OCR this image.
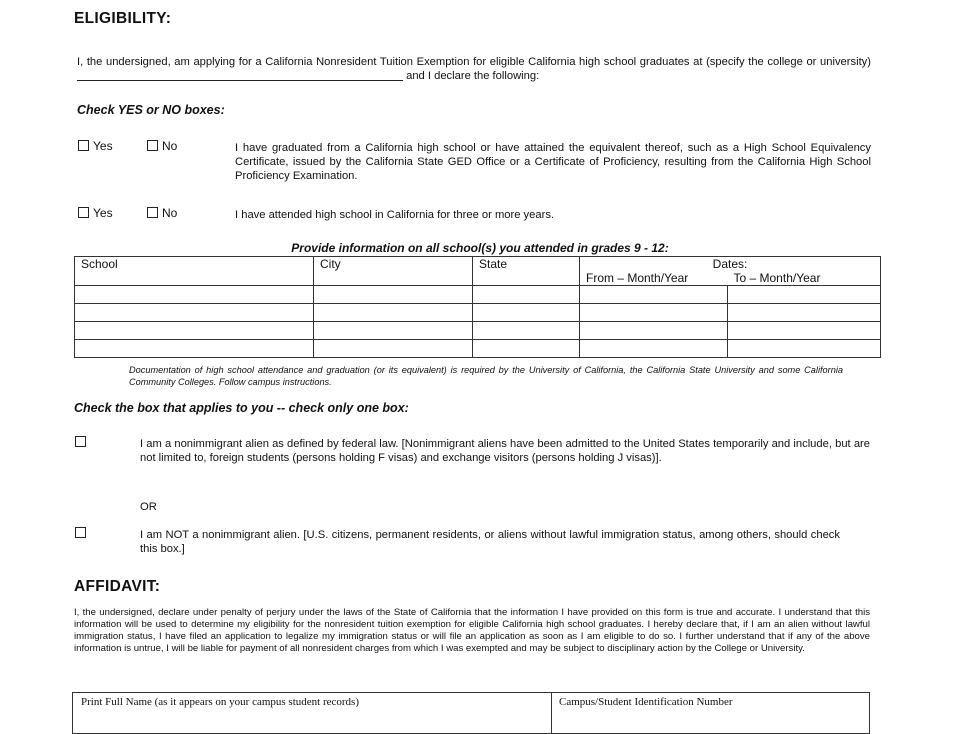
ELIGIBILITY:
I, the undersigned, am applying for a California Nonresident Tuition Exemption for eligible California high school graduates at (specify the college or university) and I declare the following:
Check YES or NO boxes:
Yes	No	I have graduated from a California high school or have attained the equivalent thereof, such as a High School Equivalency Certificate, issued by the California State GED Office or a Certificate of Proficiency, resulting from the California High School Proficiency Examination.
Yes	No	I have attended high school in California for three or more years.
Provide information on all school(s) you attended in grades 9 - 12:
School	City	State	Dates:	
			From – Month/Year	To – Month/Year

Documentation of high school attendance and graduation (or its equivalent) is required by the University of California, the California State University and some California Community Colleges. Follow campus instructions.
Check the box that applies to you -- check only one box:
I am a nonimmigrant alien as defined by federal law. [Nonimmigrant aliens have been admitted to the United States temporarily and include, but are not limited to, foreign students (persons holding F visas) and exchange visitors (persons holding J visas)].
OR
I am NOT a nonimmigrant alien. [U.S. citizens, permanent residents, or aliens without lawful immigration status, among others, should check this box.]
AFFIDAVIT:
I, the undersigned, declare under penalty of perjury under the laws of the State of California that the information I have provided on this form is true and accurate. I understand that this information will be used to determine my eligibility for the nonresident tuition exemption for eligible California high school graduates. I hereby declare that, if I am an alien without lawful immigration status, I have filed an application to legalize my immigration status or will file an application as soon as I am eligible to do so. I further understand that if any of the above information is untrue, I will be liable for payment of all nonresident charges from which I was exempted and may be subject to disciplinary action by the College or University.
Print Full Name (as it appears on your campus student records)	Campus/Student Identification Number
